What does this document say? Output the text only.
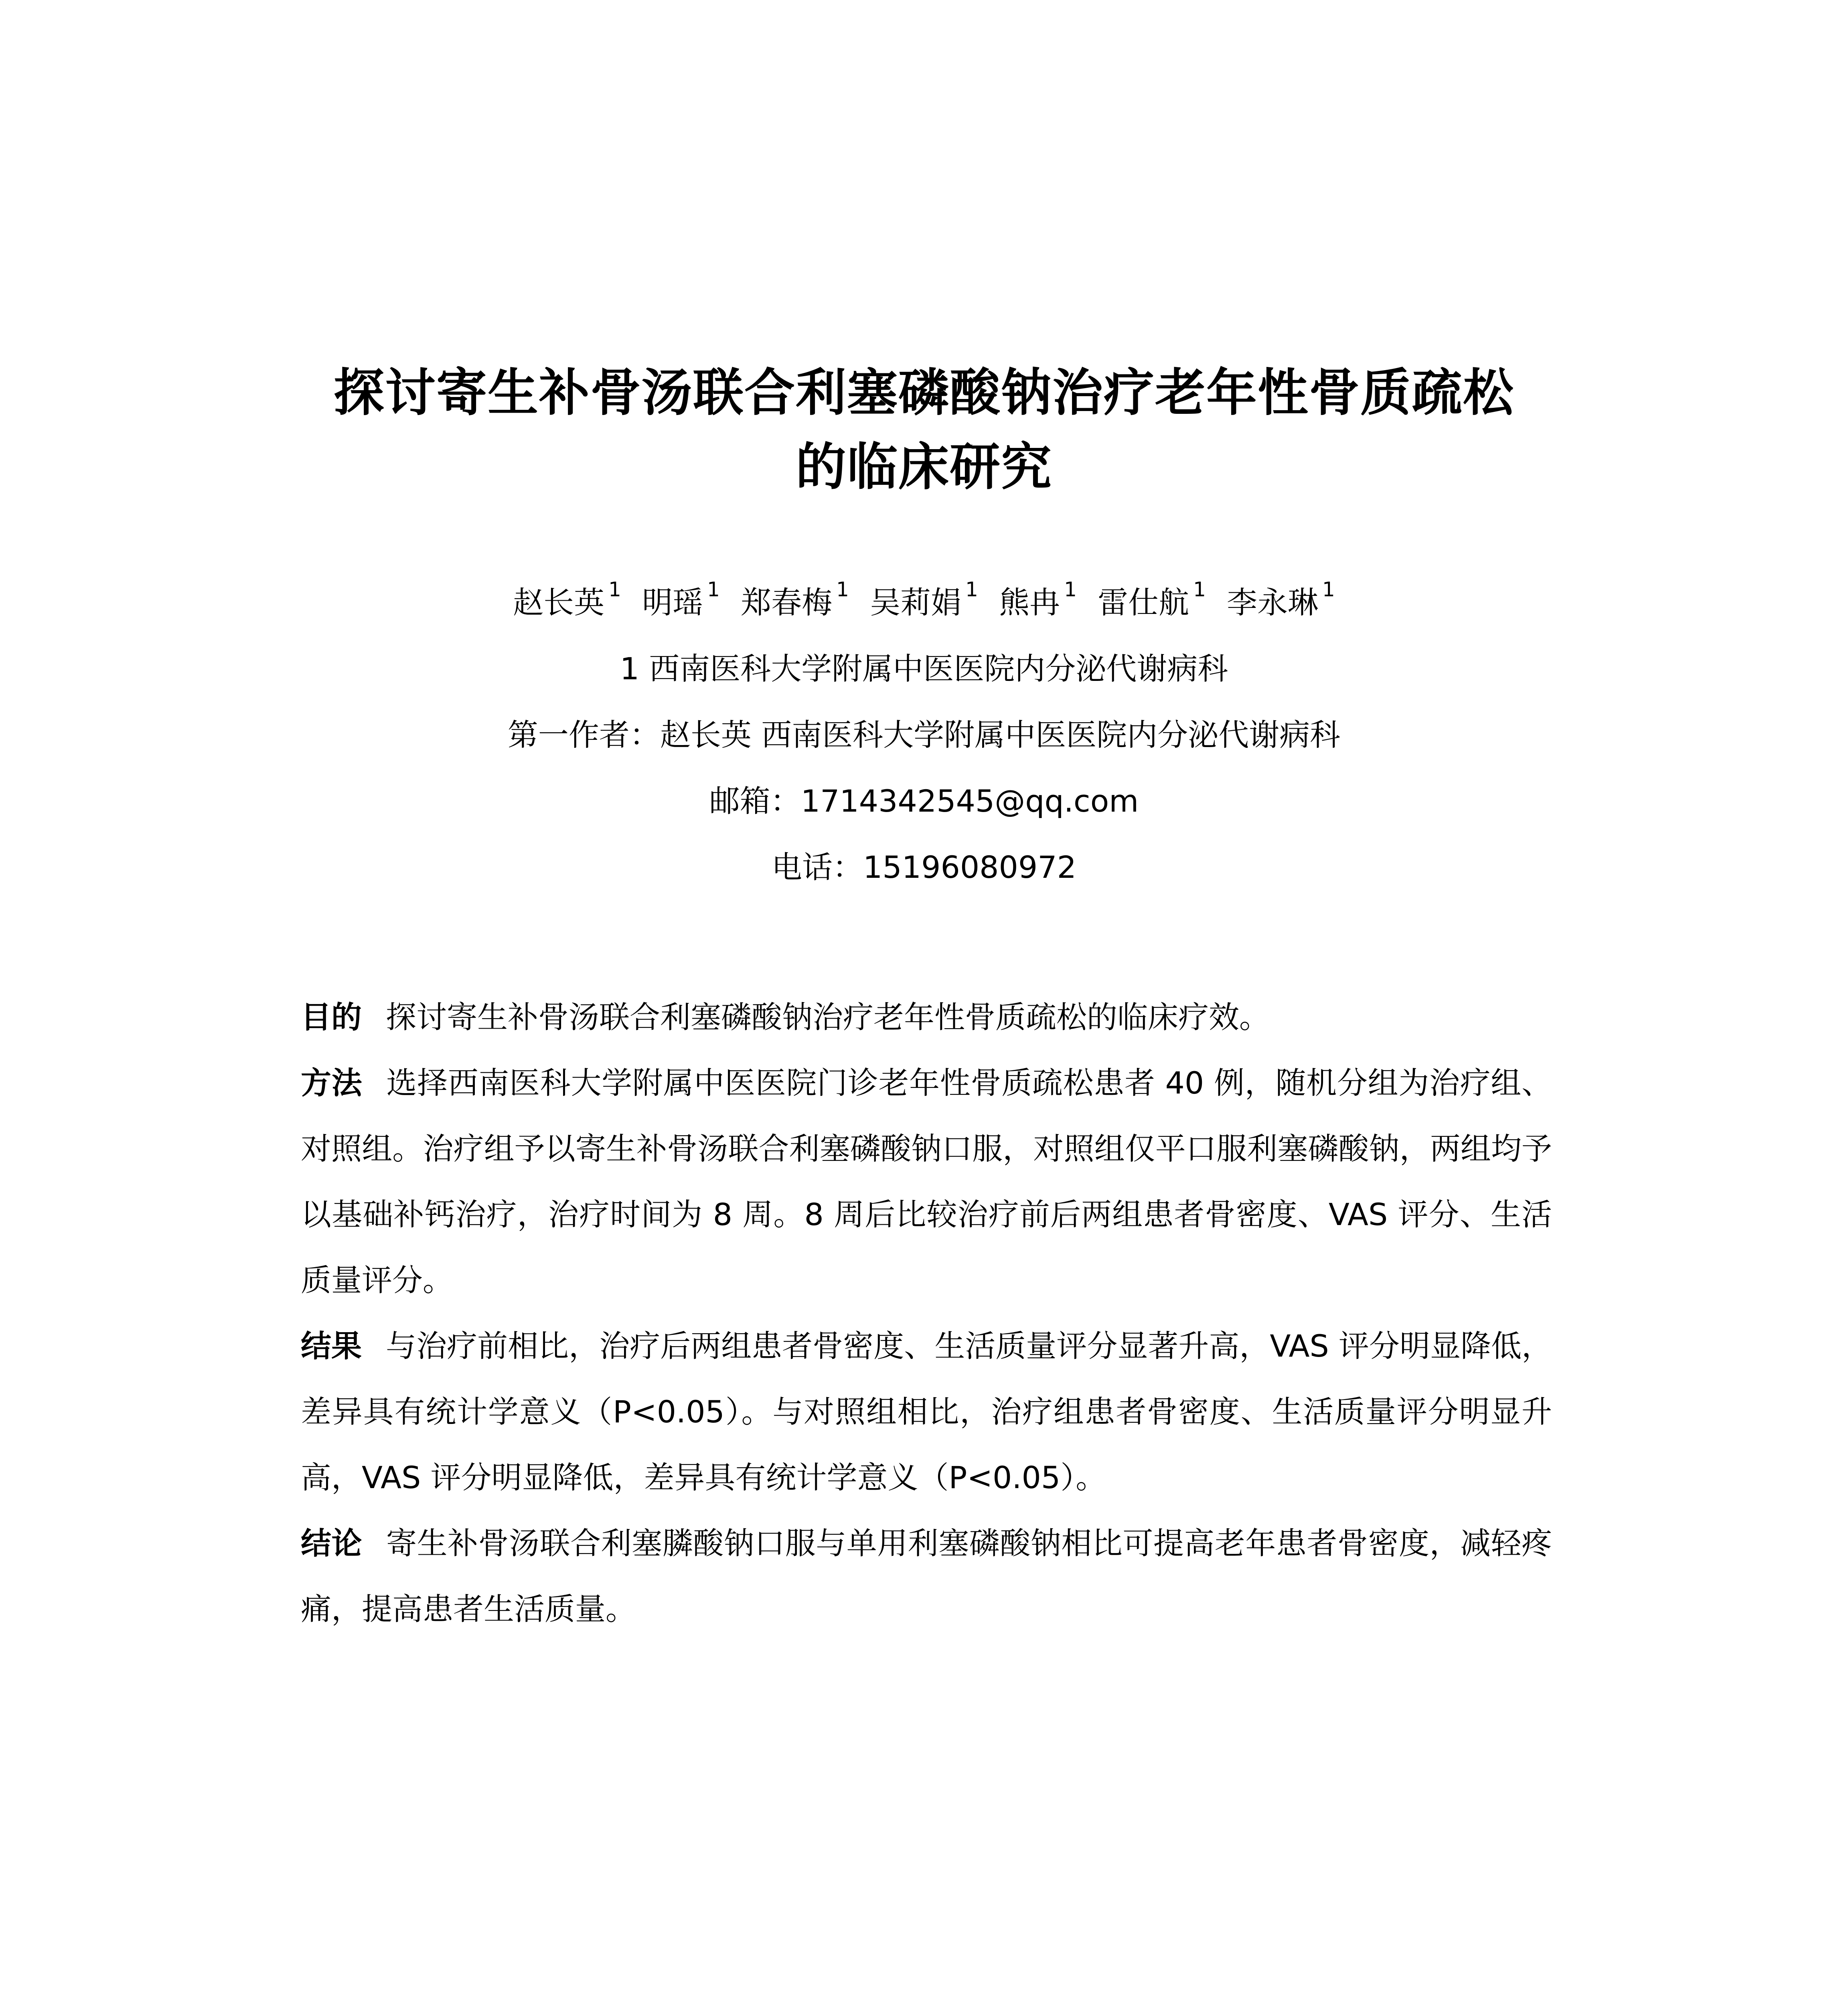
探讨寄生补骨汤联合利塞磷酸钠治疗老年性骨质疏松
的临床研究
赵长英 $^1$ 明瑶 $^1$ 郑春梅 $^1$ 吴莉娟 $^1$ 熊冉 $^1$ 雷仕航 $^1$ 李永琳 $^1$
1 西南医科大学附属中医医院内分泌代谢病科
第一作者：赵长英 西南医科大学附属中医医院内分泌代谢病科
邮箱：1714342545@qq.com
电话：15196080972

目的 探讨寄生补骨汤联合利塞磷酸钠治疗老年性骨质疏松的临床疗效。

方法 选择西南医科大学附属中医医院门诊老年性骨质疏松患者 40 例，随机分组为治疗组、对照组。治疗组予以寄生补骨汤联合利塞磷酸钠口服，对照组仅平口服利塞磷酸钠，两组均予以基础补钙治疗，治疗时间为 8 周。8 周后比较治疗前后两组患者骨密度、VAS 评分、生活质量评分。

结果 与治疗前相比，治疗后两组患者骨密度、生活质量评分显著升高，VAS 评分明显降低，差异具有统计学意义（P<0.05）。与对照组相比，治疗组患者骨密度、生活质量评分明显升高，VAS 评分明显降低，差异具有统计学意义（P<0.05）。

结论 寄生补骨汤联合利塞膦酸钠口服与单用利塞磷酸钠相比可提高老年患者骨密度，减轻疼痛，提高患者生活质量。
